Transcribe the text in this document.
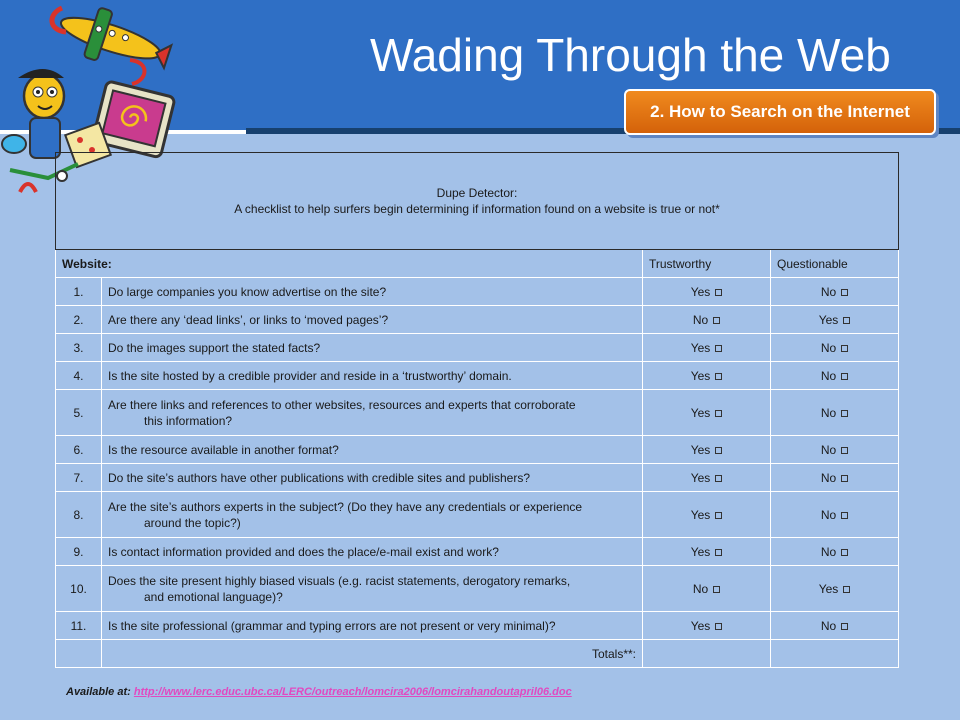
Wading Through the Web
2. How to Search on the Internet
Dupe Detector:
A checklist to help surfers begin determining if information found on a website is true or not*			

Website:		Trustworthy	Questionable
1.	Do large companies you know advertise on the site?	Yes	No
2.	Are there any ‘dead links’, or links to ‘moved pages’?	No	Yes
3.	Do the images support the stated facts?	Yes	No
4.	Is the site hosted by a credible provider and reside in a ‘trustworthy’ domain.	Yes	No
5.	Are there links and references to other websites, resources and experts that corroborate
this information?	Yes	No
6.	Is the resource available in another format?	Yes	No
7.	Do the site’s authors have other publications with credible sites and publishers?	Yes	No
8.	Are the site’s authors experts in the subject? (Do they have any credentials or experience
around the topic?)	Yes	No
9.	Is contact information provided and does the place/e-mail exist and work?	Yes	No
10.	Does the site present highly biased visuals (e.g. racist statements, derogatory remarks,
and emotional language)?	No	Yes
11.	Is the site professional (grammar and typing errors are not present or very minimal)?	Yes	No
	Totals**:		
Available at: http://www.lerc.educ.ubc.ca/LERC/outreach/lomcira2006/lomcirahandoutapril06.doc
